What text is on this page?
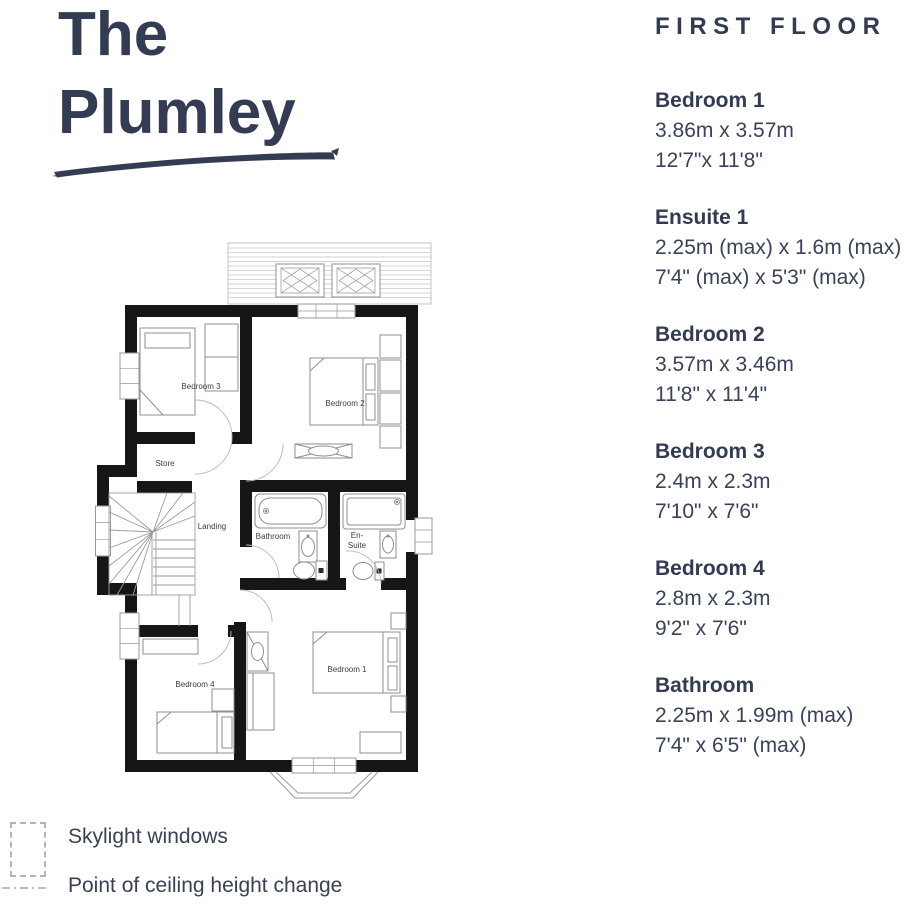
The
Plumley
Bedroom 3
Bedroom 2
Store
Landing
Bathroom	En-
Suite
Bedroom 1
Bedroom 4
FIRST FLOOR

Bedroom 1

3.86m x 3.57m

12'7"x 11'8"

Ensuite 1

2.25m (max) x 1.6m (max)

7'4" (max) x 5'3" (max)

Bedroom 2

3.57m x 3.46m

11'8" x 11'4"

Bedroom 3

2.4m x 2.3m

7'10" x 7'6"

Bedroom 4

2.8m x 2.3m

9'2" x 7'6"

Bathroom

2.25m x 1.99m (max)

7'4" x 6'5" (max)

Skylight windows
Point of ceiling height change
